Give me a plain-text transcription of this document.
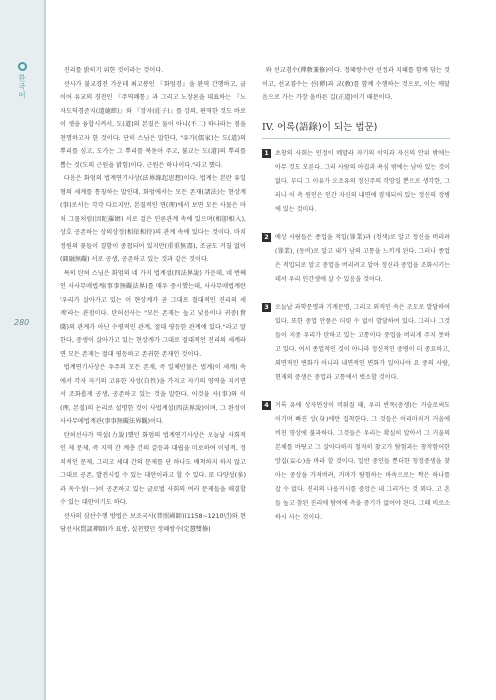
한국어
280

진리를 밝히기 위한 것이라는 것이다.

선사가 불교경전 가운데 최고봉인 『화엄경』을 완역 간행하고, 굽이어 유교의 경전인 『주역쾌통』과 그리고 노장론을 대표하는 『노자도덕경준지(道德經)』와 『장자(莊子)』를 강의, 편역한 것도 바로 이 셋을 융합시켜서, 도(道)의 본질은 둘이 아니(不二) 하나라는 점을 천명하고자 한 것이다. 단히 스님은 말한다, "유가(儒家)는 도(道)의 뿌리를 심고, 도가는 그 뿌리를 북돋아 주고, 불교는 도(道)의 뿌리를 뽑는 것(도의 근원을 밝힘)이다. 근원은 하나이다."라고 했다.

다음은 화엄의 법계연기사상(法界緣起思想)이다. 법계는 본란 유일 형의 세계를 통칭하는 말인데, 화엄에서는 모든 존재(諸法)는 현상계(事)로서는 각각 다르지만, 본질적인 면(理)에서 보면 모든 사물은 마치 그물처럼(因陀羅網) 서로 걸은 인론관계 속에 있으며(相卽相入), 상호 공존하는 상의상정(相依相待)의 관계 속에 있다는 것이다. 마치 정원의 꽃들이 결함이 중첩되어 있지만(重重無盡), 조금도 거칠 없이(圓融無礙) 서로 공생, 공존하고 있는 것과 같은 것이다.

특히 탄허 스님은 화엄의 네 가지 법계설(四法界說) 가운데, 네 번째인 사사무애법계(事事無礙法界)를 매우 중시했는데, 사사무애법계란 '우리가 살아가고 있는 이 현상계가 곧 그대로 절대적인 진리의 세계'라는 관점이다. 탄허선사는 "모든 존재는 높고 낮음이나 귀중(貴賤)의 관계가 아닌 수평적인 관계, 절대 평등한 관계에 있다."라고 말한다, 중생이 살아가고 있는 현상계가 그대로 절대적인 진리의 세계라면 모든 존재는 절대 평등하고 존귀한 존재인 것이다.

법계연기사상은 우주의 모든 존재, 즉 일체만물은 법계(이 세계) 속에서 각자 자기의 고유한 자성(自性)을 가지고 자기의 영역을 지키면서 조화롭게 공생, 공존하고 있는 것을 말한다. 이것을 사(事)와 이(理, 본질)의 논리로 설명한 것이 사법계설(四法界說)이며, 그 완성이 사사무애법계관(事事無礙法界觀)이다.

탄허선사가 역설(力說)했던 화엄의 법계연기사상은 오늘날 사회적인 제 문제, 즉 지역 간 계층 간의 갈등과 대립을 미로하여 이념적, 정치적인 문제, 그리고 세대 간의 문제를 단 하나도 배척하지 하지 않고 그대로 공존, 발전시킬 수 있는 대안이라고 할 수 있다. 또 다양성(多)과 독수성(一)이 공존하고 있는 글로벌 사회의 여러 문제들을 해결할 수 있는 대안이기도 하다.

선사의 삼산수행 방법은 보조국사(普照國師)(1158~1210년)와 현담선사(賢談禪師)가 표방, 실천했던 정혜쌍수(定慧雙修)

와 선교겸수(禪敎兼修)이다. 정혜쌍수란 선정과 지혜를 함께 닦는 것이고, 선교겸수는 선(禪)과 교(敎)를 함께 수행하는 것으로, 이는 깨달음으로 가는 가장 올바른 길(正道)이기 때문이다.

IV. 어록(語錄)이 되는 법문)
1	초창의 사회는 인정이 메말라 자기의 이익과 자신의 안위 밖에는 아무 것도 모른다. 그러 사람의 아집과 욕심 밖에는 남아 있는 것이 없다. 부디 그 이유가 오조유의 정신주의 작망일 뿐으로 생각한, 그러나 이 측 원인은 인간 자신의 내면에 잠재되어 있는 정신의 정병에 있는 것이다.
2	예상 사람들은 종업을 적입(罪業)과 (청색)로 알고 정신을 버리려(罪業), (동비)로 알고 내가 남의 고통을 느끼게 된다. 그러나 종업은 적입되로 알고 중업을 버리려고 알아 정신과 중업을 조화시키는 데서 우리 인간생에 살 수 있음을 것이다.
3	오늘날 과학문명과 기계문명, 그리고 외적인 속은 조도로 발달하여 있다. 또한 중업 안품은 더렷 수 없이 발달하여 있다. 그러나 그것들이 지중 우리가 탄하고 있는 고통이다 중업을 버리게 주지 못하고 있다. 여서 종업적인 것이 아니라 정신적인 중병이 더 중요하고, 외면적인 변화가 아니라 내면적인 변화가 일어나야 요 중의 사람, 현재의 중생은 중업과 고통에서 벗소할 것이다.
4	거룩 유에 상자연상이 비워질 때, 우리 반목(중생)는 거슬로써도 이기며 빠진 상(身)에만 집착한다. 그 것들은 어리마치거 거울에 비친 영상에 불과하다. 그것들은 우리는 확실히 알아서 그 거울의 본체를 바탕고 그 살아다하지 철저히 찾고가 탐험과는 창작함어한 망집(妄心)을 바라 할 것이다. 일반 중인들 뿐더한 청정중생을 찾아는 중상을 가져버려, 거마가 탐험하는 바속으로는 짝은 하나를 잡 수 없다. 진리의 나올거시를 중앙은 내 그러가는 것 외다. 고 흔들 높고 참된 진리에 탐여에 측을 중기가 없어야 된다. 그때 비로소 하시 사는 것이다.
